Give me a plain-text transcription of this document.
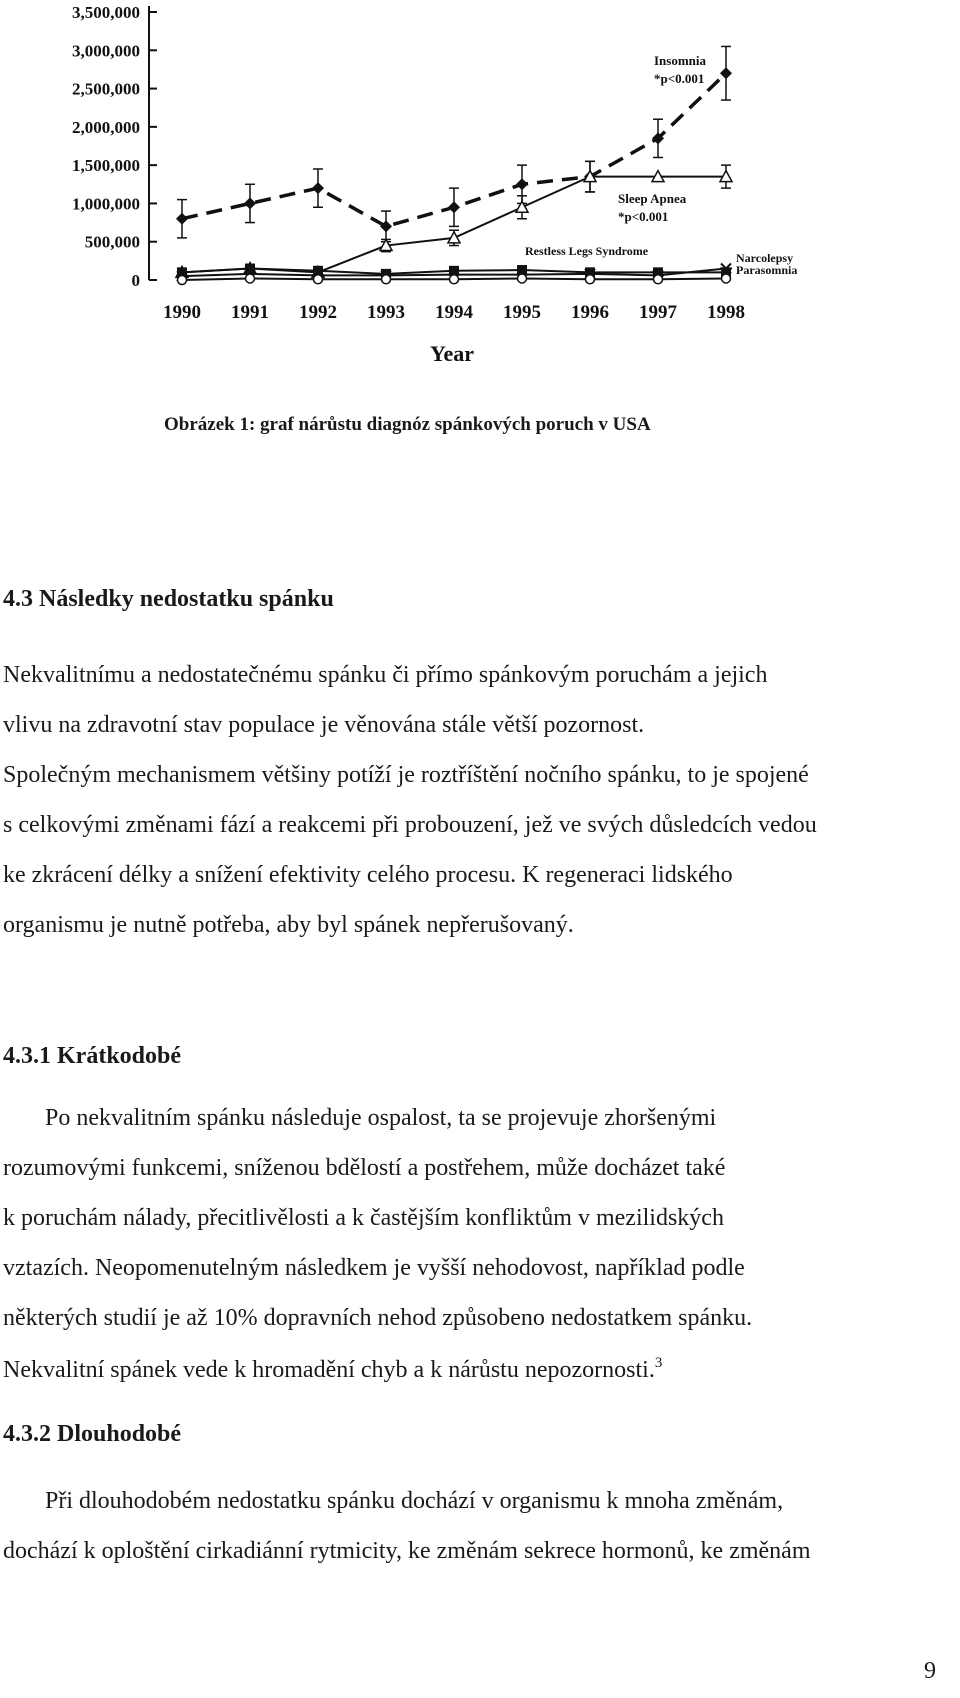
0
500,000
1,000,000
1,500,000
2,000,000
2,500,000
3,000,000
3,500,000
1990 1991 1992 1993 1994 1995 1996 1997 1998
Year
Insomnia
*p<0.001
Sleep Apnea
*p<0.001
Restless Legs Syndrome	Narcolepsy
Parasomnia
Obrázek 1: graf nárůstu diagnóz spánkových poruch v USA
4.3 Následky nedostatku spánku
Nekvalitnímu a nedostatečnému spánku či přímo spánkovým poruchám a jejich
vlivu na zdravotní stav populace je věnována stále větší pozornost.
Společným mechanismem většiny potíží je roztříštění nočního spánku, to je spojené
s celkovými změnami fází a reakcemi při probouzení, jež ve svých důsledcích vedou
ke zkrácení délky a snížení efektivity celého procesu. K regeneraci lidského
organismu je nutně potřeba, aby byl spánek nepřerušovaný.
4.3.1 Krátkodobé
Po nekvalitním spánku následuje ospalost, ta se projevuje zhoršenými
rozumovými funkcemi, sníženou bdělostí a postřehem, může docházet také
k poruchám nálady, přecitlivělosti a k častějším konfliktům v mezilidských
vztazích. Neopomenutelným následkem je vyšší nehodovost, například podle
některých studií je až 10% dopravních nehod způsobeno nedostatkem spánku.
Nekvalitní spánek vede k hromadění chyb a k nárůstu nepozornosti.$^3$
4.3.2 Dlouhodobé
Při dlouhodobém nedostatku spánku dochází v organismu k mnoha změnám,
dochází k oploštění cirkadiánní rytmicity, ke změnám sekrece hormonů, ke změnám
9
